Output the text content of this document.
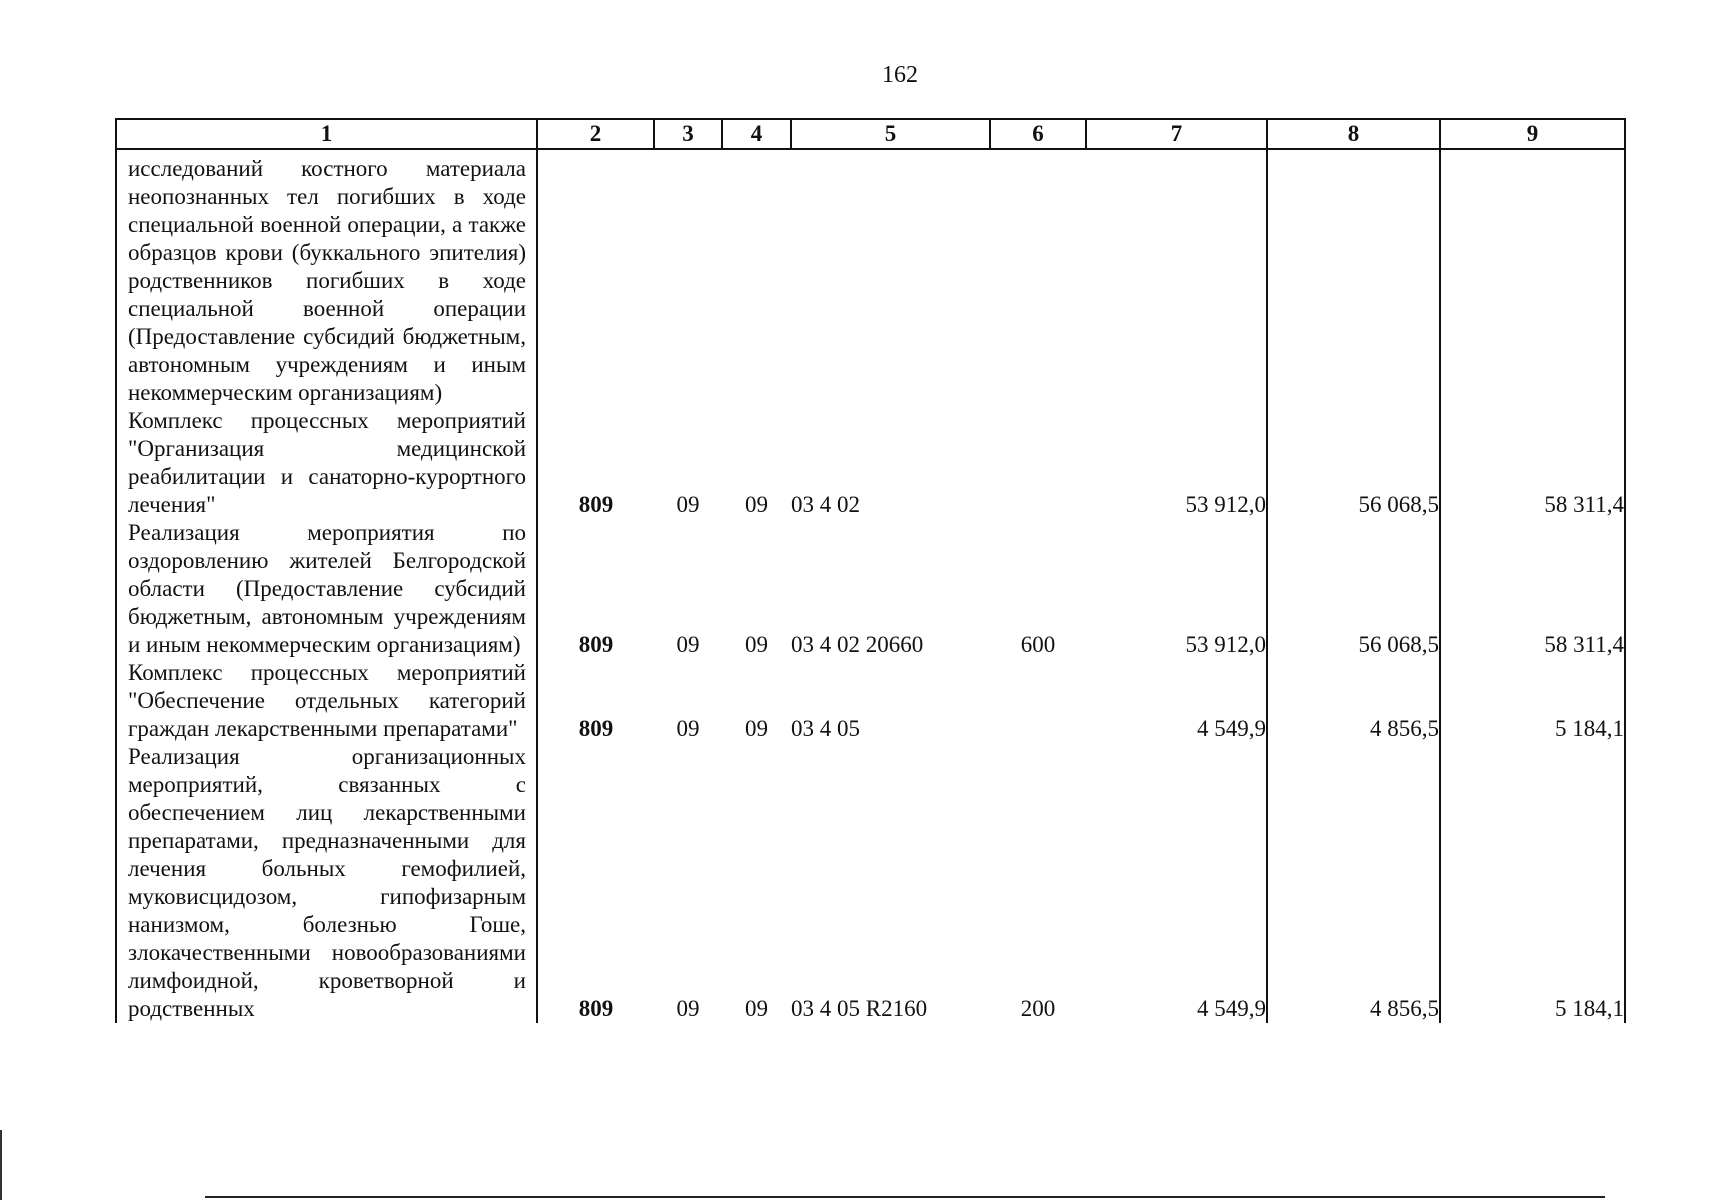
162
1	2	3	4	5	6	7	8	9

исследований костного материала неопознанных тел погибших в ходе специальной военной операции, а также образцов крови (буккального эпителия) родственников погибших в ходе специальной военной операции (Предоставление субсидий бюджетным, автономным учреждениям и иным некоммерческим организациям)								

Комплекс процессных мероприятий "Организация медицинской реабилитации и санаторно-курортного лечения"	809	09	09	03 4 02		53 912,0	56 068,5	58 311,4

Реализация мероприятия по оздоровлению жителей Белгородской области (Предоставление субсидий бюджетным, автономным учреждениям и иным некоммерческим организациям)	809	09	09	03 4 02 20660	600	53 912,0	56 068,5	58 311,4

Комплекс процессных мероприятий "Обеспечение отдельных категорий граждан лекарственными препаратами"	809	09	09	03 4 05		4 549,9	4 856,5	5 184,1

Реализация организационных мероприятий, связанных с обеспечением лиц лекарственными препаратами, предназначенными для лечения больных гемофилией, муковисцидозом, гипофизарным нанизмом, болезнью Гоше, злокачественными новообразованиями лимфоидной, кроветворной и родственных	809	09	09	03 4 05 R2160	200	4 549,9	4 856,5	5 184,1
